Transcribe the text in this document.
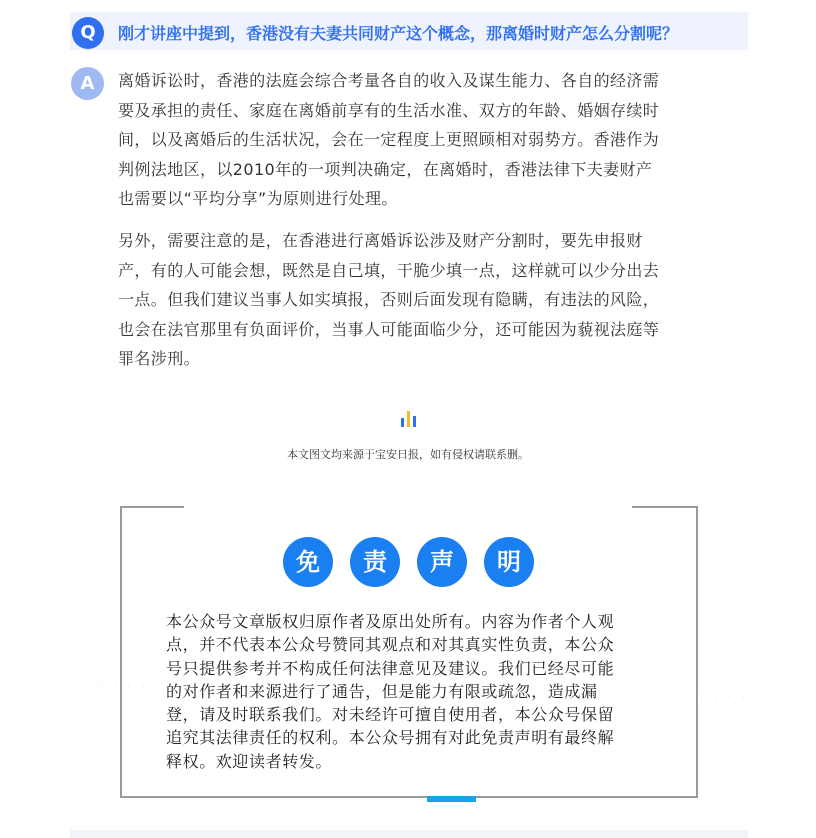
Q	刚才讲座中提到，香港没有夫妻共同财产这个概念，那离婚时财产怎么分割呢？
A	离婚诉讼时，香港的法庭会综合考量各自的收入及谋生能力、各自的经济需

要及承担的责任、家庭在离婚前享有的生活水准、双方的年龄、婚姻存续时

间，以及离婚后的生活状况，会在一定程度上更照顾相对弱势方。香港作为

判例法地区，以2010年的一项判决确定，在离婚时，香港法律下夫妻财产

也需要以“平均分享”为原则进行处理。

另外，需要注意的是，在香港进行离婚诉讼涉及财产分割时，要先申报财

产，有的人可能会想，既然是自己填，干脆少填一点，这样就可以少分出去

一点。但我们建议当事人如实填报，否则后面发现有隐瞒，有违法的风险，

也会在法官那里有负面评价，当事人可能面临少分，还可能因为藐视法庭等

罪名涉刑。

本文图文均来源于宝安日报，如有侵权请联系删。
· · · ·
· · · ·
免	责	声	明

本公众号文章版权归原作者及原出处所有。内容为作者个人观

点，并不代表本公众号赞同其观点和对其真实性负责，本公众

号只提供参考并不构成任何法律意见及建议。我们已经尽可能

的对作者和来源进行了通告，但是能力有限或疏忽，造成漏

登，请及时联系我们。对未经许可擅自使用者，本公众号保留

追究其法律责任的权利。本公众号拥有对此免责声明有最终解

释权。欢迎读者转发。
